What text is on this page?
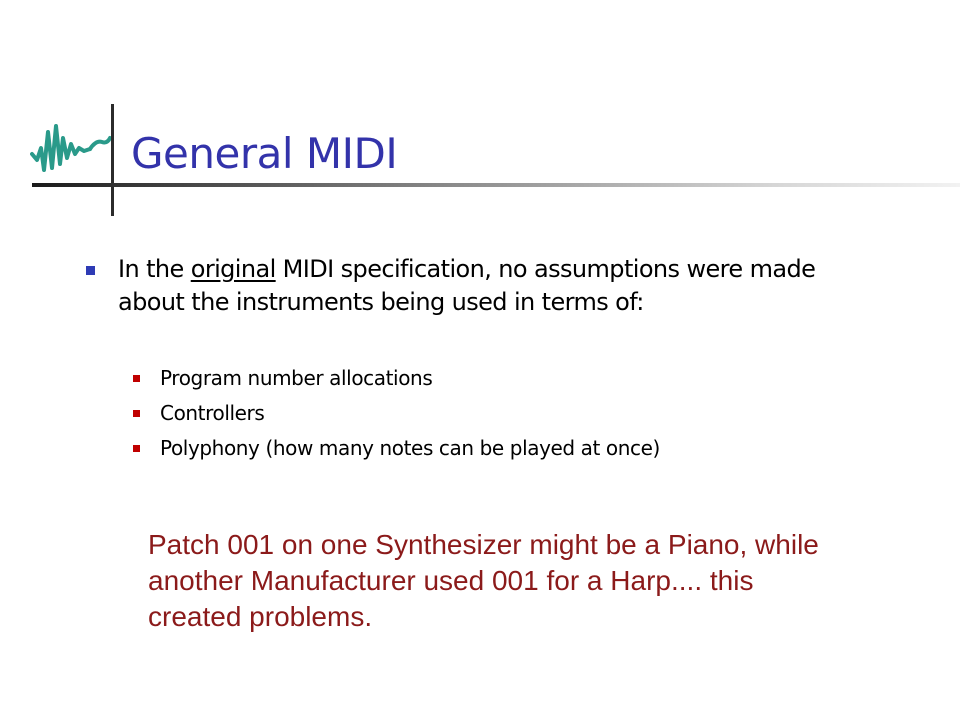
General MIDI

In the original MIDI specification, no assumptions were made about the instruments being used in terms of:

Program number allocations
Controllers
Polyphony (how many notes can be played at once)

Patch 001 on one Synthesizer might be a Piano, while another Manufacturer used 001 for a Harp.... this created problems.
